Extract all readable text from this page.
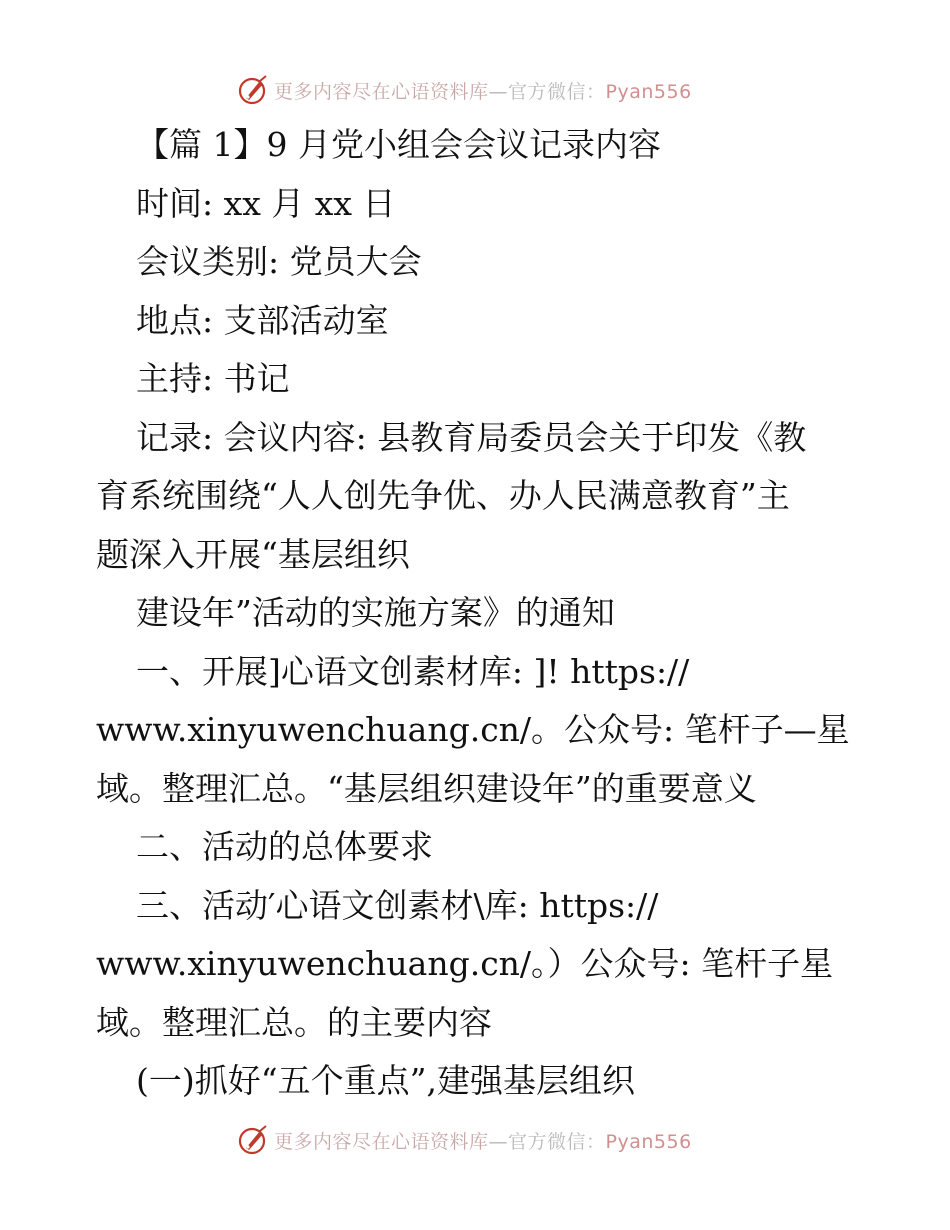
更多内容尽在心语资料库—官方微信：Pyan556
【篇 1】9 月党小组会会议记录内容
时间: xx 月 xx 日
会议类别: 党员大会
地点: 支部活动室
主持: 书记
记录: 会议内容: 县教育局委员会关于印发《教
育系统围绕“人人创先争优、办人民满意教育”主
题深入开展“基层组织
建设年”活动的实施方案》的通知
一、开展]心语文创素材库: ]! https://
www.xinyuwenchuang.cn/。公众号: 笔杆子—星
域。整理汇总。“基层组织建设年”的重要意义
二、活动的总体要求
三、活动′心语文创素材\库: https://
www.xinyuwenchuang.cn/。）公众号: 笔杆子星
域。整理汇总。的主要内容
(一)抓好“五个重点”,建强基层组织
更多内容尽在心语资料库—官方微信：Pyan556
